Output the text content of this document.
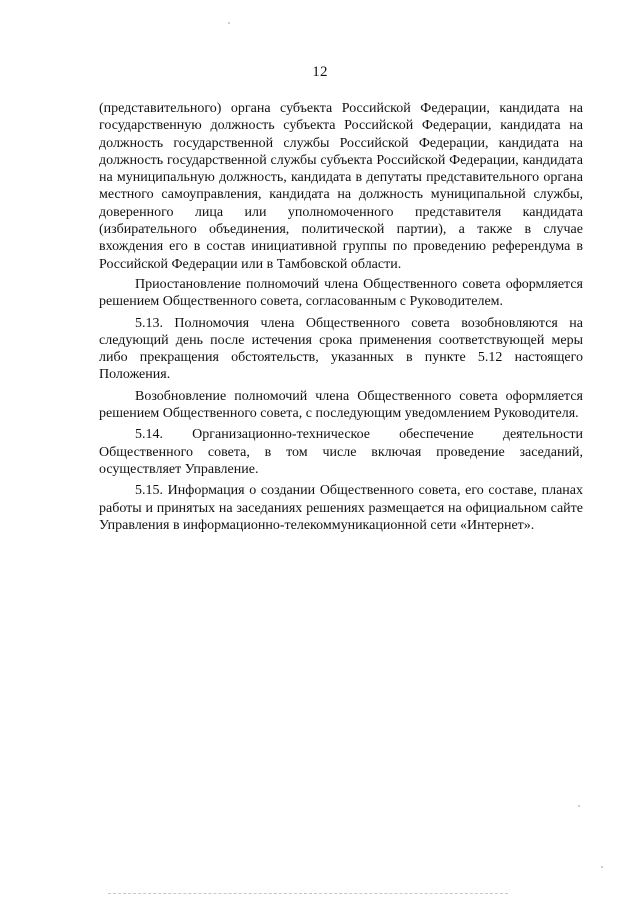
12

(представительного) органа субъекта Российской Федерации, кандидата на государственную должность субъекта Российской Федерации, кандидата на должность государственной службы Российской Федерации, кандидата на должность государственной службы субъекта Российской Федерации, кандидата на муниципальную должность, кандидата в депутаты представительного органа местного самоуправления, кандидата на должность муниципальной службы, доверенного лица или уполномоченного представителя кандидата (избирательного объединения, политической партии), а также в случае вхождения его в состав инициативной группы по проведению референдума в Российской Федерации или в Тамбовской области.

Приостановление полномочий члена Общественного совета оформляется решением Общественного совета, согласованным с Руководителем.

5.13. Полномочия члена Общественного совета возобновляются на следующий день после истечения срока применения соответствующей меры либо прекращения обстоятельств, указанных в пункте 5.12 настоящего Положения.

Возобновление полномочий члена Общественного совета оформляется решением Общественного совета, с последующим уведомлением Руководителя.

5.14. Организационно-техническое обеспечение деятельности Общественного совета, в том числе включая проведение заседаний, осуществляет Управление.

5.15. Информация о создании Общественного совета, его составе, планах работы и принятых на заседаниях решениях размещается на официальном сайте Управления в информационно-телекоммуникационной сети «Интернет».
